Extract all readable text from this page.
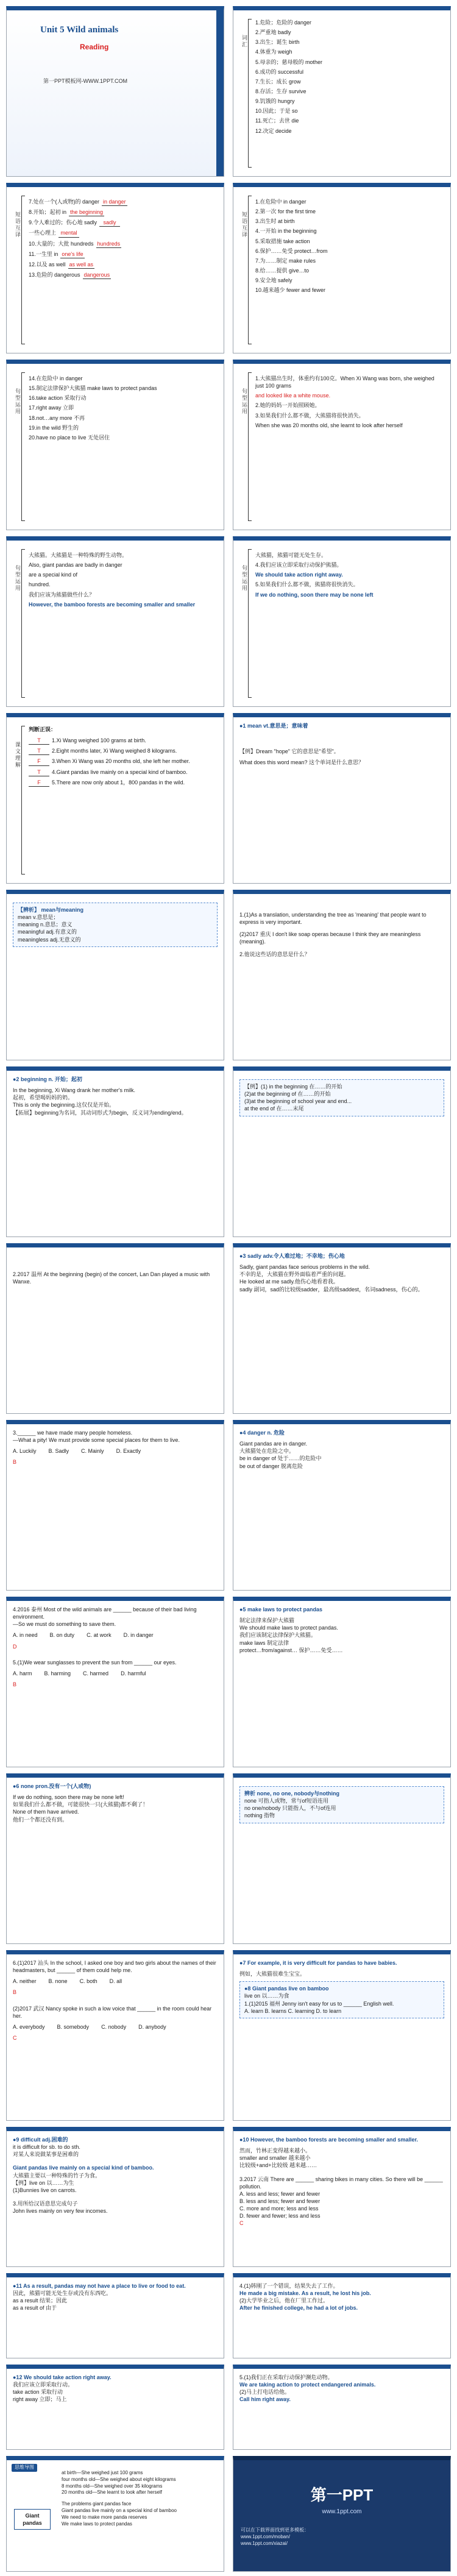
Unit 5 Wild animals
Reading
第一PPT模板网-WWW.1PPT.COM
词汇
1.危险；危险的 danger
2.严重地 badly
3.出生；诞生 birth
4.体重为 weigh
5.母亲的；慈母般的 mother
6.成功的 successful
7.生长；成长 grow
8.存活；生存 survive
9.饥饿的 hungry
10.因此；于是 so
11.死亡；去世 die
12.决定 decide
短语互译
7.处在一个(人或物)的 danger in danger
8.开始；起初 in the beginning
9.令人难过的；伤心地 sadly	sadly
一些心理上 mental
10.大量的；大批 hundreds hundreds
11.一生里 in one's life
12.以及 as well as well as
13.危险的 dangerous dangerous
短语互译
1.在危险中 in danger
2.第一次 for the first time
3.出生时 at birth
4.一开始 in the beginning
5.采取措施 take action
6.保护……免受 protect…from
7.为……制定 make rules
8.给……提供 give…to
9.安全地 safely
10.越来越少 fewer and fewer
句型运用
14.在危险中 in danger
15.制定法律保护大熊猫 make laws to protect pandas
16.take action 采取行动
17.right away 立即
18.not…any more 不再
19.in the wild 野生的
20.have no place to live 无处居住
句型运用
1.大熊猫出生时，体重约有100克。When Xi Wang was born, she weighed just 100 grams
and looked like a white mouse.
2.她的妈妈一开始照顾她。
3.如果我们什么都不做，大熊猫将很快消失。
When she was 20 months old, she learnt to look after herself
句型运用
大熊猫。大熊猫是一种特殊的野生动物。
Also, giant pandas are badly in danger
are a special kind of
hundred.
我们应该为熊猫做些什么？
However, the bamboo forests are becoming smaller and smaller
句型运用
大熊猫，熊猫可能无处生存。
4.我们应该立即采取行动保护熊猫。
We should take action right away.
5.如果我们什么都不做，熊猫将很快消失。
If we do nothing, soon there may be none left
课文理解
判断正误：
T	1.Xi Wang weighed 100 grams at birth.
T	2.Eight months later, Xi Wang weighed 8 kilograms.
F	3.When Xi Wang was 20 months old, she left her mother.
T	4.Giant pandas live mainly on a special kind of bamboo.
F	5.There are now only about 1，800 pandas in the wild.
●1 mean vt.意思是；意味着
【例】Dream "hope" 它的意思是"希望"。
What does this word mean? 这个单词是什么意思？
【辨析】 mean与meaning
mean v.意思是；
meaning n.意思；意义
meaningful adj.有意义的
meaningless adj.无意义的
1.(1)As a translation, understanding the tree as 'meaning' that people want to express is very important.
(2)2017 重庆 I don't like soap operas because I think they are meaningless (meaning).
2.他说这些话的意思是什么？
●2 beginning n. 开始；起初
In the beginning, Xi Wang drank her mother's milk.
起初，希望喝妈妈的奶。
This is only the beginning.这仅仅是开始。
【拓展】beginning为名词，其动词形式为begin，反义词为ending/end。
【例】(1) in the beginning 在……的开始
(2)at the beginning of 在……的开始
(3)at the beginning of school year and end...
at the end of 在……末尾
2.2017 温州 At the beginning (begin) of the concert, Lan Dan played a music with Wanxe.
●3 sadly adv.令人难过地；不幸地；伤心地
Sadly, giant pandas face serious problems in the wild.
不幸的是，大熊猫在野外面临着严重的问题。
He looked at me sadly.他伤心地看着我。
sadly 副词，sad的比较级sadder，最高级saddest，名词sadness，伤心的。
3.______ we have made many people homeless.
—What a pity! We must provide some special places for them to live.
A. Luckily B. Sadly C. Mainly D. Exactly
B
●4 danger n. 危险
Giant pandas are in danger.
大熊猫处在危险之中。
be in danger of 处于……的危险中
be out of danger 脱离危险
4.2016 泰州 Most of the wild animals are ______ because of their bad living environment.
—So we must do something to save them.
A. in need B. on duty C. at work D. in danger
D
5.(1)We wear sunglasses to prevent the sun from ______ our eyes.
A. harm B. harming C. harmed D. harmful
B
●5 make laws to protect pandas
制定法律来保护大熊猫
We should make laws to protect pandas.
我们应该制定法律保护大熊猫。
make laws 制定法律
protect…from/against… 保护……免受……
●6 none pron.没有一个(人或物)
If we do nothing, soon there may be none left!
如果我们什么都不做，可能很快一只(大熊猫)都不剩了！
None of them have arrived.
他们一个都还没有到。
辨析 none, no one, nobody与nothing
none 可指人或物，常与of短语连用
no one/nobody 只能指人，不与of连用
nothing 指物
6.(1)2017 汕头 In the school, I asked one boy and two girls about the names of their headmasters, but ______ of them could help me.
A. neither B. none C. both D. all
B
(2)2017 武汉 Nancy spoke in such a low voice that ______ in the room could hear her.
A. everybody B. somebody C. nobody D. anybody
C
●7 For example, it is very difficult for pandas to have babies.
例如，大熊猫很难生宝宝。
●8 Giant pandas live on bamboo
live on 以……为食
1.(1)2015 福州 Jenny isn't easy for us to ______ English well.
A. learn B. learns C. learning D. to learn
●9 difficult adj.困难的
it is difficult for sb. to do sth.
对某人来说做某事是困难的
Giant pandas live mainly on a special kind of bamboo.
大熊猫主要以一种特殊的竹子为食。
【例】live on 以……为生
(1)Bunnies live on carrots.
3.用所给汉语意思完成句子
John lives mainly on very few incomes.
●10 However, the bamboo forests are becoming smaller and smaller.
然而，竹林正变得越来越小。
smaller and smaller 越来越小
比较级+and+比较级 越来越……
3.2017 云南 There are ______ sharing bikes in many cities. So there will be ______ pollution.
A. less and less; fewer and fewer
B. less and less; fewer and fewer
C. more and more; less and less
D. fewer and fewer; less and less
C
●11 As a result, pandas may not have a place to live or food to eat.
因此，熊猫可能无处生存或没有东西吃。
as a result 结果；因此
as a result of 由于
4.(1)韩刚了一个错误，结果失去了工作。
He made a big mistake. As a result, he lost his job.
(2)大学毕业之后，他在厂里工作过。
After he finished college, he had a lot of jobs.
●12 We should take action right away.
我们应该立即采取行动。
take action 采取行动
right away 立即；马上
5.(1)我们正在采取行动保护濒危动物。
We are taking action to protect endangered animals.
(2)马上打电话给他。
Call him right away.
思维导图
Giant pandas
at birth—She weighed just 100 grams
four months old—She weighed about eight kilograms
8 months old—She weighed over 35 kilograms
20 months old—She learnt to look after herself
The problems giant pandas face
Giant pandas live mainly on a special kind of bamboo
We need to make more panda reserves
We make laws to protect pandas
第一PPT
www.1ppt.com
可以在下载界面找到更多模板：
www.1ppt.com/moban/
www.1ppt.com/xiazai/
